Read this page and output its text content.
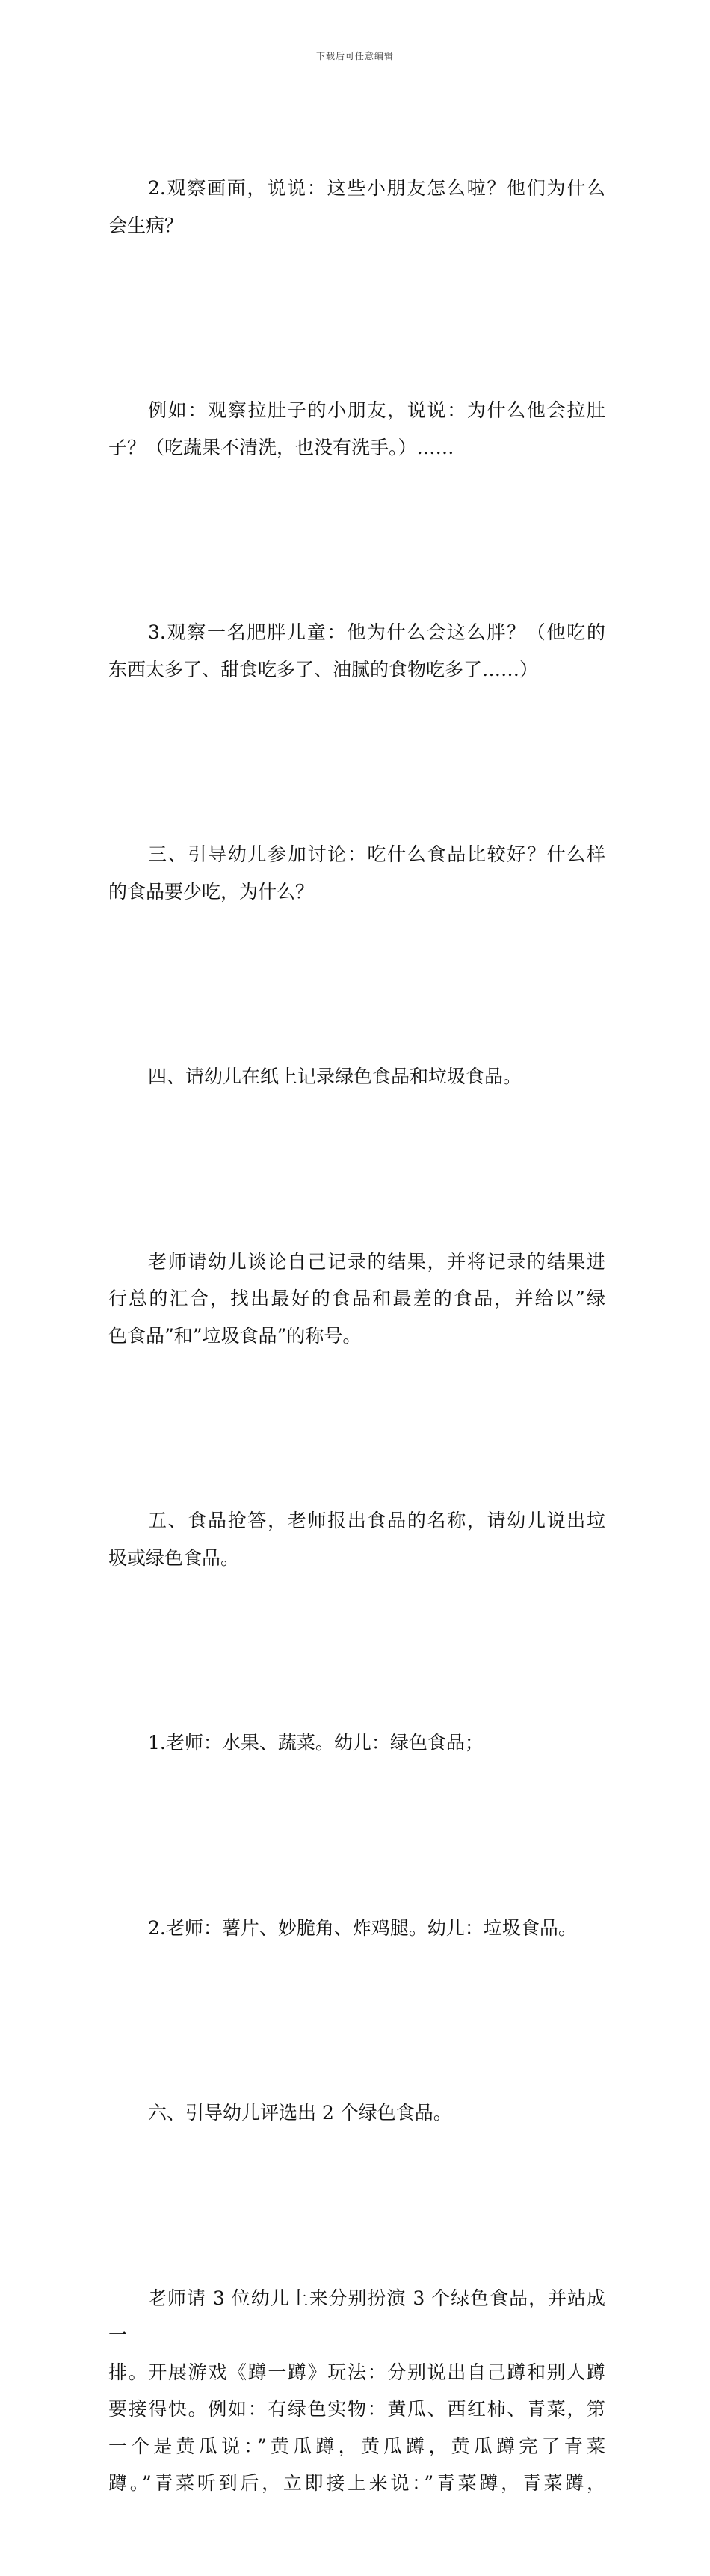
下载后可任意编辑

2.观察画面，说说：这些小朋友怎么啦？他们为什么
会生病？

例如：观察拉肚子的小朋友，说说：为什么他会拉肚
子？（吃蔬果不清洗，也没有洗手。）……

3.观察一名肥胖儿童：他为什么会这么胖？（他吃的
东西太多了、甜食吃多了、油腻的食物吃多了……）

三、引导幼儿参加讨论：吃什么食品比较好？什么样
的食品要少吃，为什么？

四、请幼儿在纸上记录绿色食品和垃圾食品。

老师请幼儿谈论自己记录的结果，并将记录的结果进
行总的汇合，找出最好的食品和最差的食品，并给以”绿
色食品”和”垃圾食品”的称号。

五、食品抢答，老师报出食品的名称，请幼儿说出垃
圾或绿色食品。

1.老师：水果、蔬菜。幼儿：绿色食品；

2.老师：薯片、妙脆角、炸鸡腿。幼儿：垃圾食品。

六、引导幼儿评选出 2 个绿色食品。

老师请 3 位幼儿上来分别扮演 3 个绿色食品，并站成一
排。开展游戏《蹲一蹲》玩法：分别说出自己蹲和别人蹲
要接得快。例如：有绿色实物：黄瓜、西红柿、青菜，第
一个是黄瓜说：”黄瓜蹲，黄瓜蹲，黄瓜蹲完了青菜
蹲。”青菜听到后，立即接上来说：”青菜蹲，青菜蹲，
